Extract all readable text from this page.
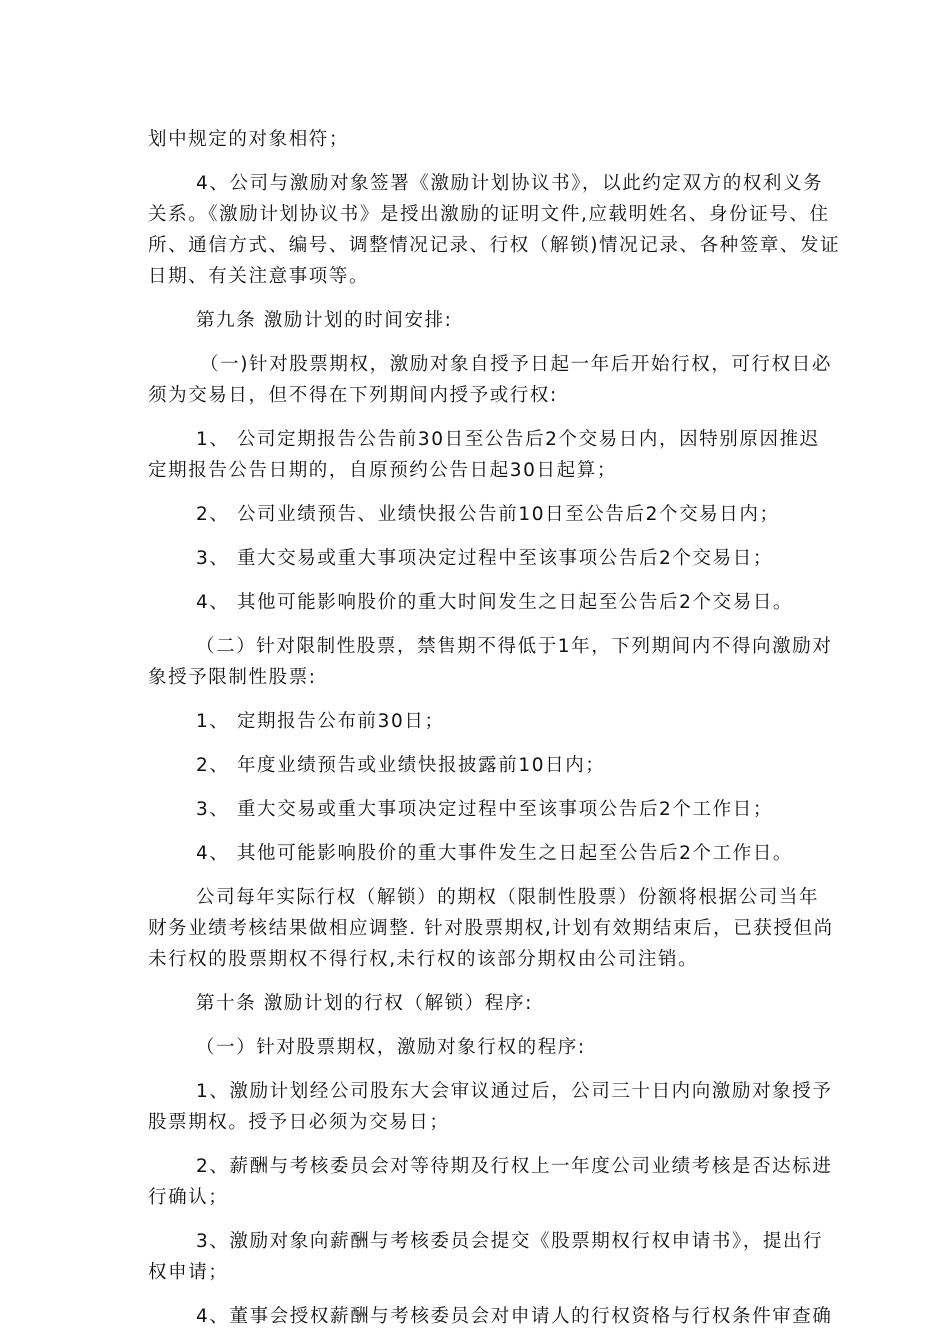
划中规定的对象相符；
4、公司与激励对象签署《激励计划协议书》，以此约定双方的权利义务
关系。《激励计划协议书》是授出激励的证明文件,应载明姓名、身份证号、住
所、通信方式、编号、调整情况记录、行权（解锁)情况记录、各种签章、发证
日期、有关注意事项等。
第九条 激励计划的时间安排:
（一)针对股票期权，激励对象自授予日起一年后开始行权，可行权日必
须为交易日，但不得在下列期间内授予或行权:
1、 公司定期报告公告前30日至公告后2个交易日内，因特别原因推迟
定期报告公告日期的，自原预约公告日起30日起算；
2、 公司业绩预告、业绩快报公告前10日至公告后2个交易日内；
3、 重大交易或重大事项决定过程中至该事项公告后2个交易日；
4、 其他可能影响股价的重大时间发生之日起至公告后2个交易日。
（二）针对限制性股票，禁售期不得低于1年，下列期间内不得向激励对
象授予限制性股票:
1、 定期报告公布前30日；
2、 年度业绩预告或业绩快报披露前10日内；
3、 重大交易或重大事项决定过程中至该事项公告后2个工作日；
4、 其他可能影响股价的重大事件发生之日起至公告后2个工作日。
公司每年实际行权（解锁）的期权（限制性股票）份额将根据公司当年
财务业绩考核结果做相应调整. 针对股票期权,计划有效期结束后，已获授但尚
未行权的股票期权不得行权,未行权的该部分期权由公司注销。
第十条 激励计划的行权（解锁）程序:
（一）针对股票期权，激励对象行权的程序:
1、激励计划经公司股东大会审议通过后，公司三十日内向激励对象授予
股票期权。授予日必须为交易日；
2、薪酬与考核委员会对等待期及行权上一年度公司业绩考核是否达标进
行确认；
3、激励对象向薪酬与考核委员会提交《股票期权行权申请书》，提出行
权申请；
4、董事会授权薪酬与考核委员会对申请人的行权资格与行权条件审查确
